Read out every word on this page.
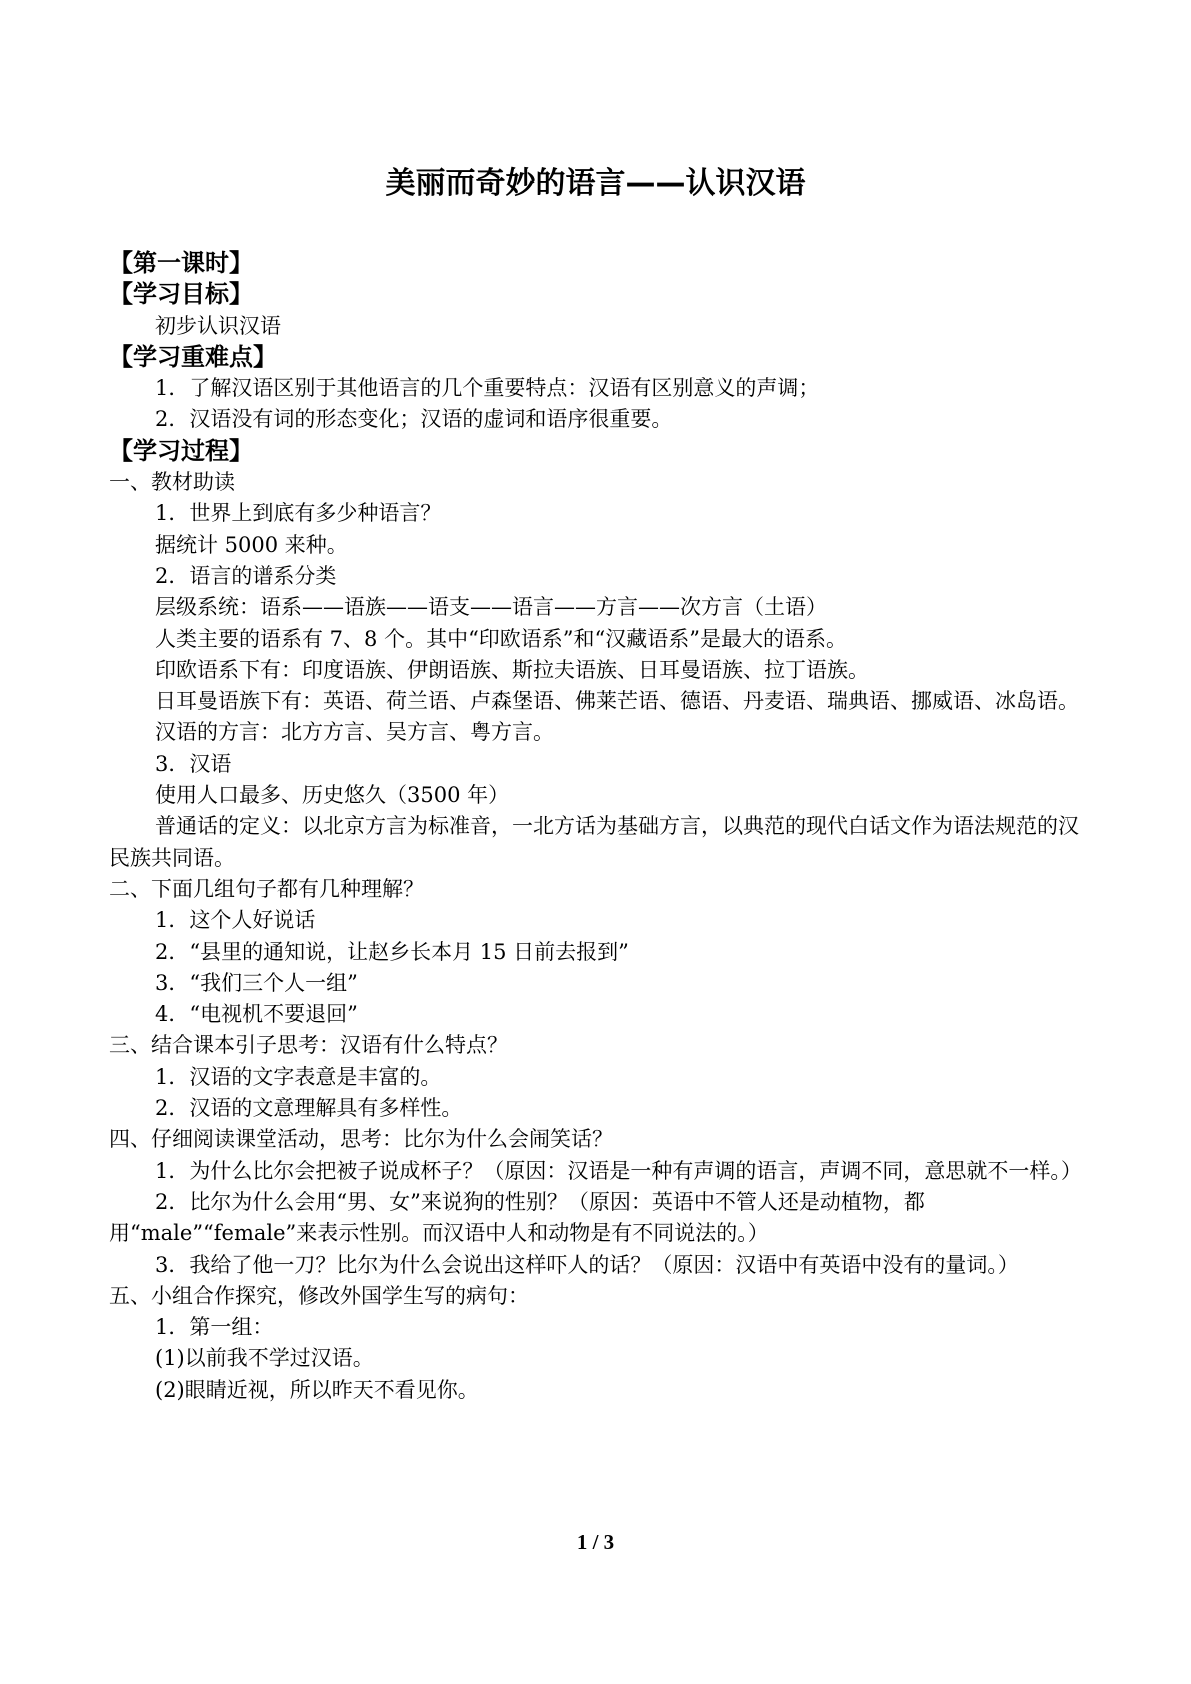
美丽而奇妙的语言——认识汉语
【第一课时】
【学习目标】
初步认识汉语
【学习重难点】
1．了解汉语区别于其他语言的几个重要特点：汉语有区别意义的声调；
2．汉语没有词的形态变化；汉语的虚词和语序很重要。
【学习过程】
一、教材助读
1．世界上到底有多少种语言？
据统计 5000 来种。
2．语言的谱系分类
层级系统：语系——语族——语支——语言——方言——次方言（土语）
人类主要的语系有 7、8 个。其中“印欧语系”和“汉藏语系”是最大的语系。
印欧语系下有：印度语族、伊朗语族、斯拉夫语族、日耳曼语族、拉丁语族。
日耳曼语族下有：英语、荷兰语、卢森堡语、佛莱芒语、德语、丹麦语、瑞典语、挪威语、冰岛语。
汉语的方言：北方方言、吴方言、粤方言。
3．汉语
使用人口最多、历史悠久（3500 年）
普通话的定义：以北京方言为标准音，一北方话为基础方言，以典范的现代白话文作为语法规范的汉民族共同语。
二、下面几组句子都有几种理解？
1．这个人好说话
2．“县里的通知说，让赵乡长本月 15 日前去报到”
3．“我们三个人一组”
4．“电视机不要退回”
三、结合课本引子思考：汉语有什么特点？
1．汉语的文字表意是丰富的。
2．汉语的文意理解具有多样性。
四、仔细阅读课堂活动，思考：比尔为什么会闹笑话？
1．为什么比尔会把被子说成杯子？（原因：汉语是一种有声调的语言，声调不同，意思就不一样。）
2．比尔为什么会用“男、女”来说狗的性别？（原因：英语中不管人还是动植物，都用“male”“female”来表示性别。而汉语中人和动物是有不同说法的。）
3．我给了他一刀？比尔为什么会说出这样吓人的话？（原因：汉语中有英语中没有的量词。）
五、小组合作探究，修改外国学生写的病句：
1．第一组：
(1)以前我不学过汉语。
(2)眼睛近视，所以昨天不看见你。
1 / 3
